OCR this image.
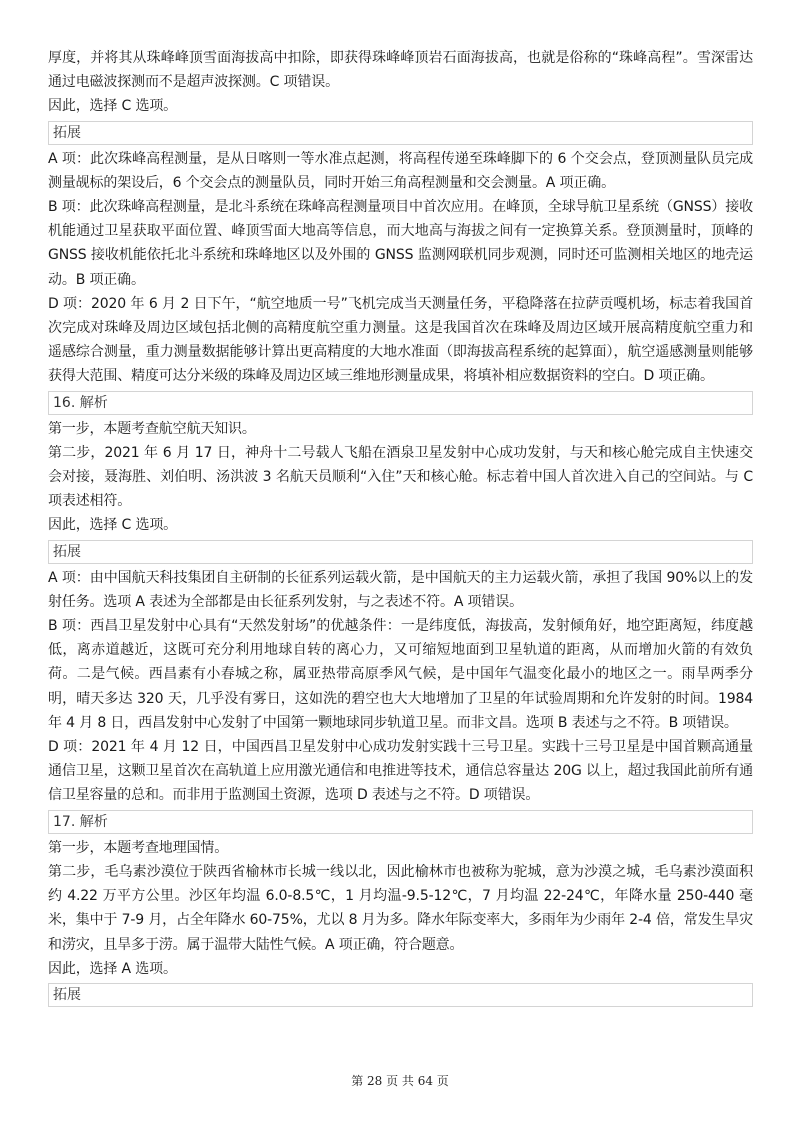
厚度，并将其从珠峰峰顶雪面海拔高中扣除，即获得珠峰峰顶岩石面海拔高，也就是俗称的“珠峰高程”。雪深雷达通过电磁波探测而不是超声波探测。C 项错误。

因此，选择 C 选项。

拓展

A 项：此次珠峰高程测量，是从日喀则一等水准点起测，将高程传递至珠峰脚下的 6 个交会点，登顶测量队员完成测量觇标的架设后，6 个交会点的测量队员，同时开始三角高程测量和交会测量。A 项正确。

B 项：此次珠峰高程测量，是北斗系统在珠峰高程测量项目中首次应用。在峰顶，全球导航卫星系统（GNSS）接收机能通过卫星获取平面位置、峰顶雪面大地高等信息，而大地高与海拔之间有一定换算关系。登顶测量时，顶峰的 GNSS 接收机能依托北斗系统和珠峰地区以及外围的 GNSS 监测网联机同步观测，同时还可监测相关地区的地壳运动。B 项正确。

D 项：2020 年 6 月 2 日下午，“航空地质一号”飞机完成当天测量任务，平稳降落在拉萨贡嘎机场，标志着我国首次完成对珠峰及周边区域包括北侧的高精度航空重力测量。这是我国首次在珠峰及周边区域开展高精度航空重力和遥感综合测量，重力测量数据能够计算出更高精度的大地水准面（即海拔高程系统的起算面），航空遥感测量则能够获得大范围、精度可达分米级的珠峰及周边区域三维地形测量成果，将填补相应数据资料的空白。D 项正确。

16. 解析

第一步，本题考查航空航天知识。

第二步，2021 年 6 月 17 日，神舟十二号载人飞船在酒泉卫星发射中心成功发射，与天和核心舱完成自主快速交会对接，聂海胜、刘伯明、汤洪波 3 名航天员顺利“入住”天和核心舱。标志着中国人首次进入自己的空间站。与 C 项表述相符。

因此，选择 C 选项。

拓展

A 项：由中国航天科技集团自主研制的长征系列运载火箭，是中国航天的主力运载火箭，承担了我国 90%以上的发射任务。选项 A 表述为全部都是由长征系列发射，与之表述不符。A 项错误。

B 项：西昌卫星发射中心具有“天然发射场”的优越条件：一是纬度低，海拔高，发射倾角好，地空距离短，纬度越低，离赤道越近，这既可充分利用地球自转的离心力，又可缩短地面到卫星轨道的距离，从而增加火箭的有效负荷。二是气候。西昌素有小春城之称，属亚热带高原季风气候，是中国年气温变化最小的地区之一。雨旱两季分明，晴天多达 320 天，几乎没有雾日，这如洗的碧空也大大地增加了卫星的年试验周期和允许发射的时间。1984 年 4 月 8 日，西昌发射中心发射了中国第一颗地球同步轨道卫星。而非文昌。选项 B 表述与之不符。B 项错误。

D 项：2021 年 4 月 12 日，中国西昌卫星发射中心成功发射实践十三号卫星。实践十三号卫星是中国首颗高通量通信卫星，这颗卫星首次在高轨道上应用激光通信和电推进等技术，通信总容量达 20G 以上，超过我国此前所有通信卫星容量的总和。而非用于监测国土资源，选项 D 表述与之不符。D 项错误。

17. 解析

第一步，本题考查地理国情。

第二步，毛乌素沙漠位于陕西省榆林市长城一线以北，因此榆林市也被称为驼城，意为沙漠之城，毛乌素沙漠面积约 4.22 万平方公里。沙区年均温 6.0-8.5℃，1 月均温-9.5-12℃，7 月均温 22-24℃，年降水量 250-440 毫米，集中于 7-9 月，占全年降水 60-75%，尤以 8 月为多。降水年际变率大，多雨年为少雨年 2-4 倍，常发生旱灾和涝灾，且旱多于涝。属于温带大陆性气候。A 项正确，符合题意。

因此，选择 A 选项。

拓展
第 28 页 共 64 页
